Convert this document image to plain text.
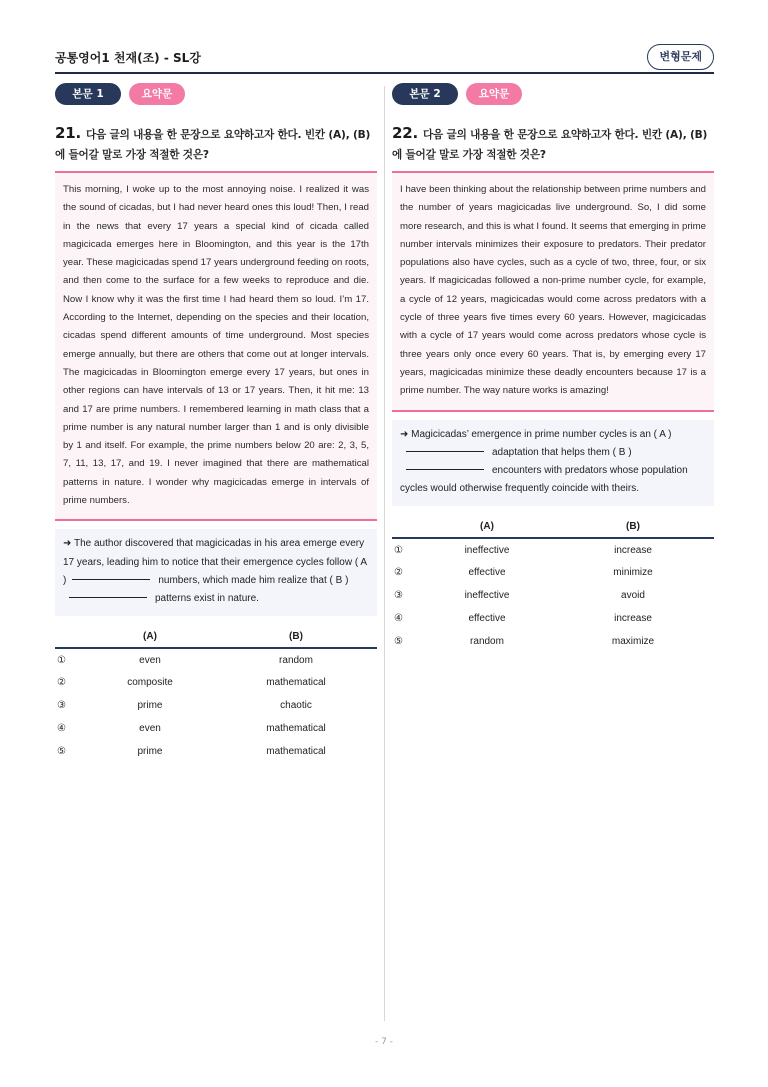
공통영어1 천재(조) - SL강	변형문제
본문 1	요약문
21. 다음 글의 내용을 한 문장으로 요약하고자 한다. 빈칸 (A), (B)에 들어갈 말로 가장 적절한 것은?
This morning, I woke up to the most annoying noise. I realized it was the sound of cicadas, but I had never heard ones this loud! Then, I read in the news that every 17 years a special kind of cicada called magicicada emerges here in Bloomington, and this year is the 17th year. These magicicadas spend 17 years underground feeding on roots, and then come to the surface for a few weeks to reproduce and die. Now I know why it was the first time I had heard them so loud. I’m 17. According to the Internet, depending on the species and their location, cicadas spend different amounts of time underground. Most species emerge annually, but there are others that come out at longer intervals. The magicicadas in Bloomington emerge every 17 years, but ones in other regions can have intervals of 13 or 17 years. Then, it hit me: 13 and 17 are prime numbers. I remembered learning in math class that a prime number is any natural number larger than 1 and is only divisible by 1 and itself. For example, the prime numbers below 20 are: 2, 3, 5, 7, 11, 13, 17, and 19. I never imagined that there are mathematical patterns in nature. I wonder why magicicadas emerge in intervals of prime numbers.
➜ The author discovered that magicicadas in his area emerge every 17 years, leading him to notice that their emergence cycles follow ( A )	numbers, which made him realize that ( B )patterns exist in nature.
	(A)	(B)
①	even	random
②	composite	mathematical
③	prime	chaotic
④	even	mathematical
⑤	prime	mathematical
본문 2	요약문
22. 다음 글의 내용을 한 문장으로 요약하고자 한다. 빈칸 (A), (B)에 들어갈 말로 가장 적절한 것은?
I have been thinking about the relationship between prime numbers and the number of years magicicadas live underground. So, I did some more research, and this is what I found. It seems that emerging in prime number intervals minimizes their exposure to predators. Their predator populations also have cycles, such as a cycle of two, three, four, or six years. If magicicadas followed a non-prime number cycle, for example, a cycle of 12 years, magicicadas would come across predators with a cycle of three years five times every 60 years. However, magicicadas with a cycle of 17 years would come across predators whose cycle is three years only once every 60 years. That is, by emerging every 17 years, magicicadas minimize these deadly encounters because 17 is a prime number. The way nature works is amazing!
➜ Magicicadas’ emergence in prime number cycles is an ( A )
adaptation that helps them ( B )
encounters with predators whose population cycles would otherwise frequently coincide with theirs.
	(A)	(B)
①	ineffective	increase
②	effective	minimize
③	ineffective	avoid
④	effective	increase
⑤	random	maximize
- 7 -
